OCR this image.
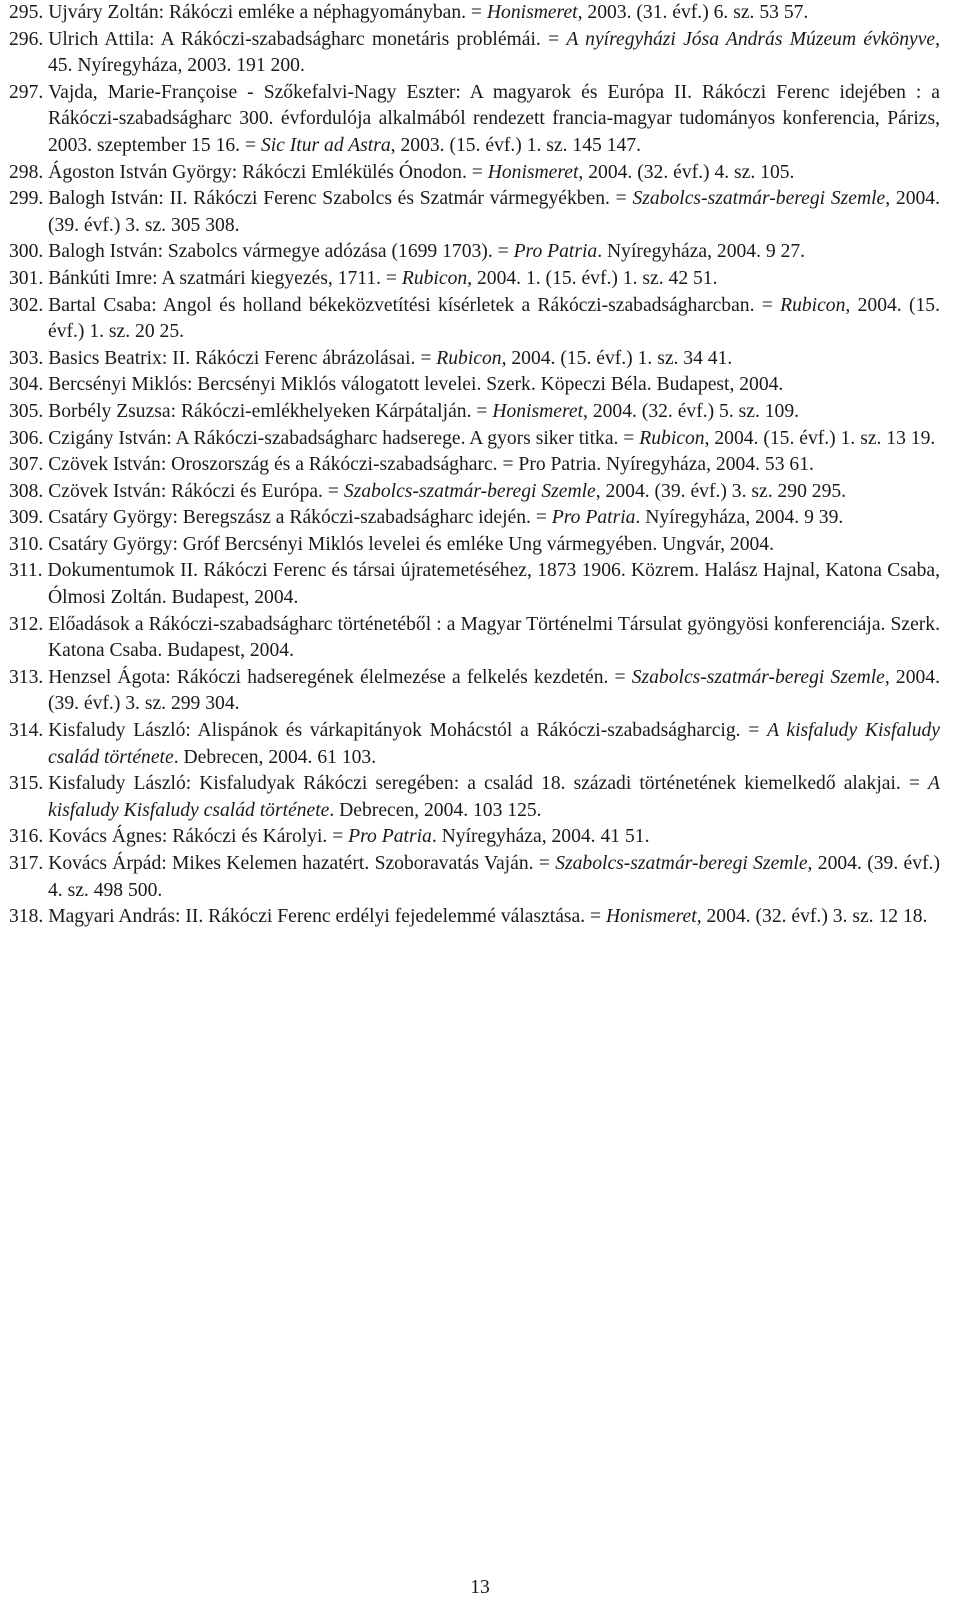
295. Ujváry Zoltán: Rákóczi emléke a néphagyományban. = Honismeret, 2003. (31. évf.) 6. sz. 53 57.
296. Ulrich Attila: A Rákóczi-szabadságharc monetáris problémái. = A nyíregyházi Jósa András Múzeum évkönyve, 45. Nyíregyháza, 2003. 191 200.
297. Vajda, Marie-Françoise - Szőkefalvi-Nagy Eszter: A magyarok és Európa II. Rákóczi Ferenc idejében : a Rákóczi-szabadságharc 300. évfordulója alkalmából rendezett francia-magyar tudományos konferencia, Párizs, 2003. szeptember 15 16. = Sic Itur ad Astra, 2003. (15. évf.) 1. sz. 145 147.
298. Ágoston István György: Rákóczi Emlékülés Ónodon. = Honismeret, 2004. (32. évf.) 4. sz. 105.
299. Balogh István: II. Rákóczi Ferenc Szabolcs és Szatmár vármegyékben. = Szabolcs-szatmár-beregi Szemle, 2004. (39. évf.) 3. sz. 305 308.
300. Balogh István: Szabolcs vármegye adózása (1699 1703). = Pro Patria. Nyíregyháza, 2004. 9 27.
301. Bánkúti Imre: A szatmári kiegyezés, 1711. = Rubicon, 2004. 1. (15. évf.) 1. sz. 42 51.
302. Bartal Csaba: Angol és holland békeközvetítési kísérletek a Rákóczi-szabadságharcban. = Rubicon, 2004. (15. évf.) 1. sz. 20 25.
303. Basics Beatrix: II. Rákóczi Ferenc ábrázolásai. = Rubicon, 2004. (15. évf.) 1. sz. 34 41.
304. Bercsényi Miklós: Bercsényi Miklós válogatott levelei. Szerk. Köpeczi Béla. Budapest, 2004.
305. Borbély Zsuzsa: Rákóczi-emlékhelyeken Kárpátalján. = Honismeret, 2004. (32. évf.) 5. sz. 109.
306. Czigány István: A Rákóczi-szabadságharc hadserege. A gyors siker titka. = Rubicon, 2004. (15. évf.) 1. sz. 13 19.
307. Czövek István: Oroszország és a Rákóczi-szabadságharc. = Pro Patria. Nyíregyháza, 2004. 53 61.
308. Czövek István: Rákóczi és Európa. = Szabolcs-szatmár-beregi Szemle, 2004. (39. évf.) 3. sz. 290 295.
309. Csatáry György: Beregszász a Rákóczi-szabadságharc idején. = Pro Patria. Nyíregyháza, 2004. 9 39.
310. Csatáry György: Gróf Bercsényi Miklós levelei és emléke Ung vármegyében. Ungvár, 2004.
311. Dokumentumok II. Rákóczi Ferenc és társai újratemetéséhez, 1873 1906. Közrem. Halász Hajnal, Katona Csaba, Ólmosi Zoltán. Budapest, 2004.
312. Előadások a Rákóczi-szabadságharc történetéből : a Magyar Történelmi Társulat gyöngyösi konferenciája. Szerk. Katona Csaba. Budapest, 2004.
313. Henzsel Ágota: Rákóczi hadseregének élelmezése a felkelés kezdetén. = Szabolcs-szatmár-beregi Szemle, 2004. (39. évf.) 3. sz. 299 304.
314. Kisfaludy László: Alispánok és várkapitányok Mohácstól a Rákóczi-szabadságharcig. = A kisfaludy Kisfaludy család története. Debrecen, 2004. 61 103.
315. Kisfaludy László: Kisfaludyak Rákóczi seregében: a család 18. századi történetének kiemelkedő alakjai. = A kisfaludy Kisfaludy család története. Debrecen, 2004. 103 125.
316. Kovács Ágnes: Rákóczi és Károlyi. = Pro Patria. Nyíregyháza, 2004. 41 51.
317. Kovács Árpád: Mikes Kelemen hazatért. Szoboravatás Vaján. = Szabolcs-szatmár-beregi Szemle, 2004. (39. évf.) 4. sz. 498 500.
318. Magyari András: II. Rákóczi Ferenc erdélyi fejedelemmé választása. = Honismeret, 2004. (32. évf.) 3. sz. 12 18.
13
